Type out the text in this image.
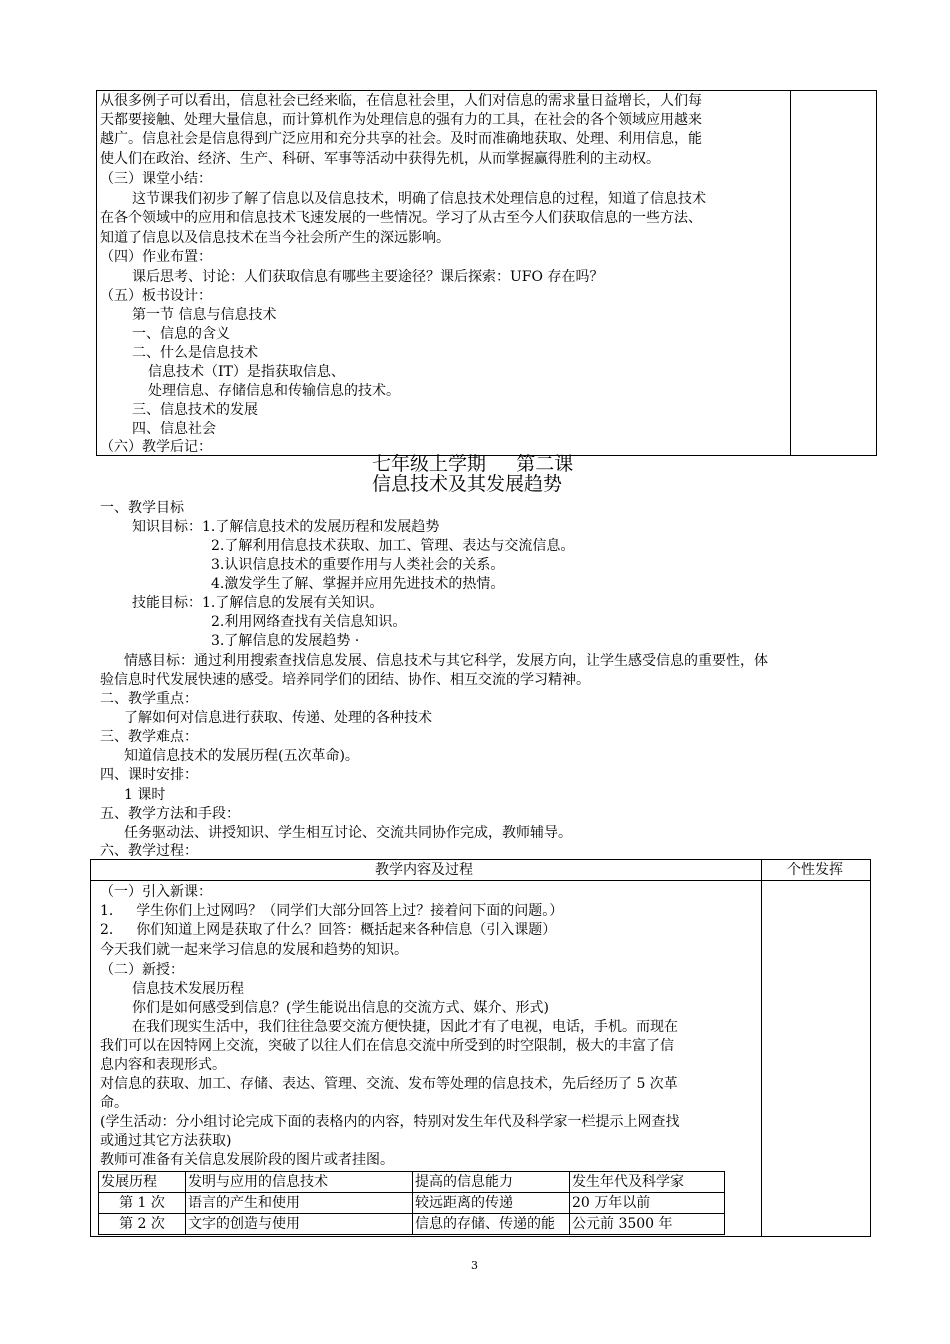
从很多例子可以看出，信息社会已经来临，在信息社会里，人们对信息的需求量日益增长，人们每
天都要接触、处理大量信息，而计算机作为处理信息的强有力的工具，在社会的各个领域应用越来
越广。信息社会是信息得到广泛应用和充分共享的社会。及时而准确地获取、处理、利用信息，能
使人们在政治、经济、生产、科研、军事等活动中获得先机，从而掌握赢得胜利的主动权。
（三）课堂小结：
这节课我们初步了解了信息以及信息技术，明确了信息技术处理信息的过程，知道了信息技术
在各个领域中的应用和信息技术飞速发展的一些情况。学习了从古至今人们获取信息的一些方法、
知道了信息以及信息技术在当今社会所产生的深远影响。
（四）作业布置：
课后思考、讨论：人们获取信息有哪些主要途径？课后探索：UFO 存在吗？
（五）板书设计：
第一节 信息与信息技术
一、信息的含义
二、什么是信息技术
信息技术（IT）是指获取信息、
处理信息、存储信息和传输信息的技术。
三、信息技术的发展
四、信息社会
（六）教学后记：
七年级上学期     第二课
信息技术及其发展趋势
一、教学目标
知识目标：1.了解信息技术的发展历程和发展趋势
2.了解利用信息技术获取、加工、管理、表达与交流信息。
3.认识信息技术的重要作用与人类社会的关系。
4.激发学生了解、掌握并应用先进技术的热情。
技能目标：1.了解信息的发展有关知识。
2.利用网络查找有关信息知识。
3.了解信息的发展趋势 ·
情感目标：通过利用搜索查找信息发展、信息技术与其它科学，发展方向，让学生感受信息的重要性，体
验信息时代发展快速的感受。培养同学们的团结、协作、相互交流的学习精神。
二、教学重点：
了解如何对信息进行获取、传递、处理的各种技术
三、教学难点：
知道信息技术的发展历程(五次革命)。
四、课时安排：
1 课时
五、教学方法和手段：
任务驱动法、讲授知识、学生相互讨论、交流共同协作完成，教师辅导。
六、教学过程：
教学内容及过程	个性发挥
（一）引入新课：
1．   学生你们上过网吗？（同学们大部分回答上过？接着问下面的问题。）
2．   你们知道上网是获取了什么？回答：概括起来各种信息（引入课题）
今天我们就一起来学习信息的发展和趋势的知识。
（二）新授：
信息技术发展历程
你们是如何感受到信息？(学生能说出信息的交流方式、媒介、形式)
在我们现实生活中，我们往往急要交流方便快捷，因此才有了电视，电话，手机。而现在
我们可以在因特网上交流，突破了以往人们在信息交流中所受到的时空限制，极大的丰富了信
息内容和表现形式。
对信息的获取、加工、存储、表达、管理、交流、发布等处理的信息技术，先后经历了 5 次革
命。
(学生活动：分小组讨论完成下面的表格内的内容，特别对发生年代及科学家一栏提示上网查找
或通过其它方法获取)
教师可准备有关信息发展阶段的图片或者挂图。
发展历程	发明与应用的信息技术	提高的信息能力	发生年代及科学家
第 1 次	语言的产生和使用	较远距离的传递	20 万年以前
第 2 次	文字的创造与使用	信息的存储、传递的能	公元前 3500 年
3
